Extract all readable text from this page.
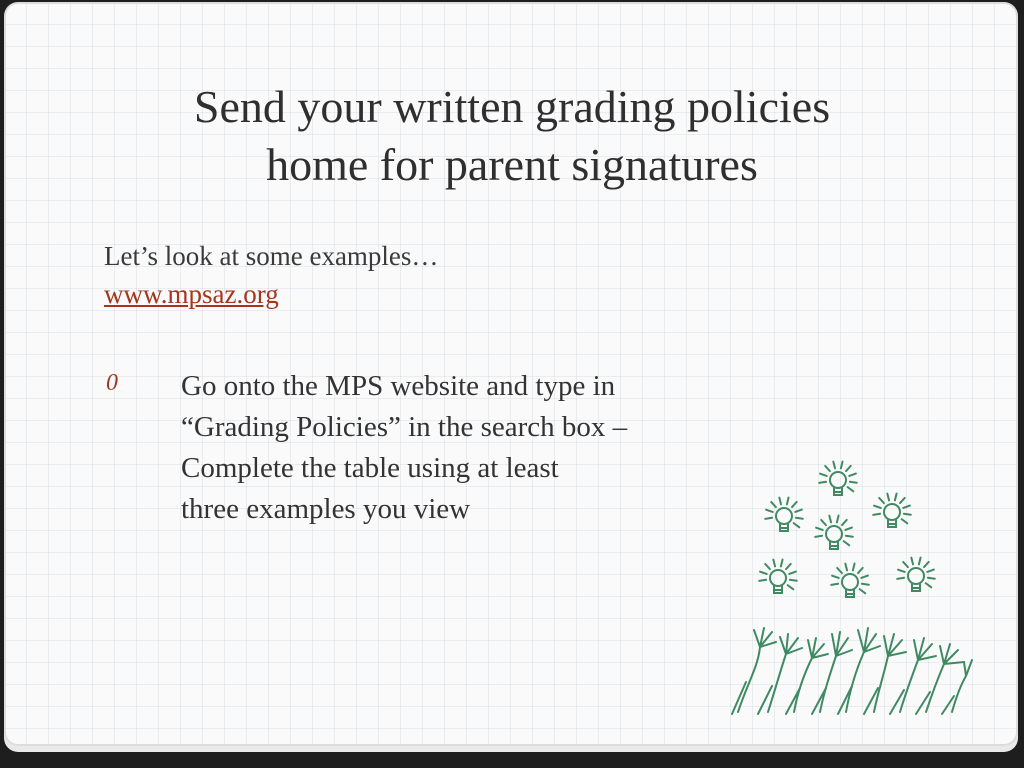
Send your written grading policies
home for parent signatures
Let’s look at some examples…
www.mpsaz.org
0 Go onto the MPS website and type in
“Grading Policies” in the search box –
Complete the table using at least
three examples you view
